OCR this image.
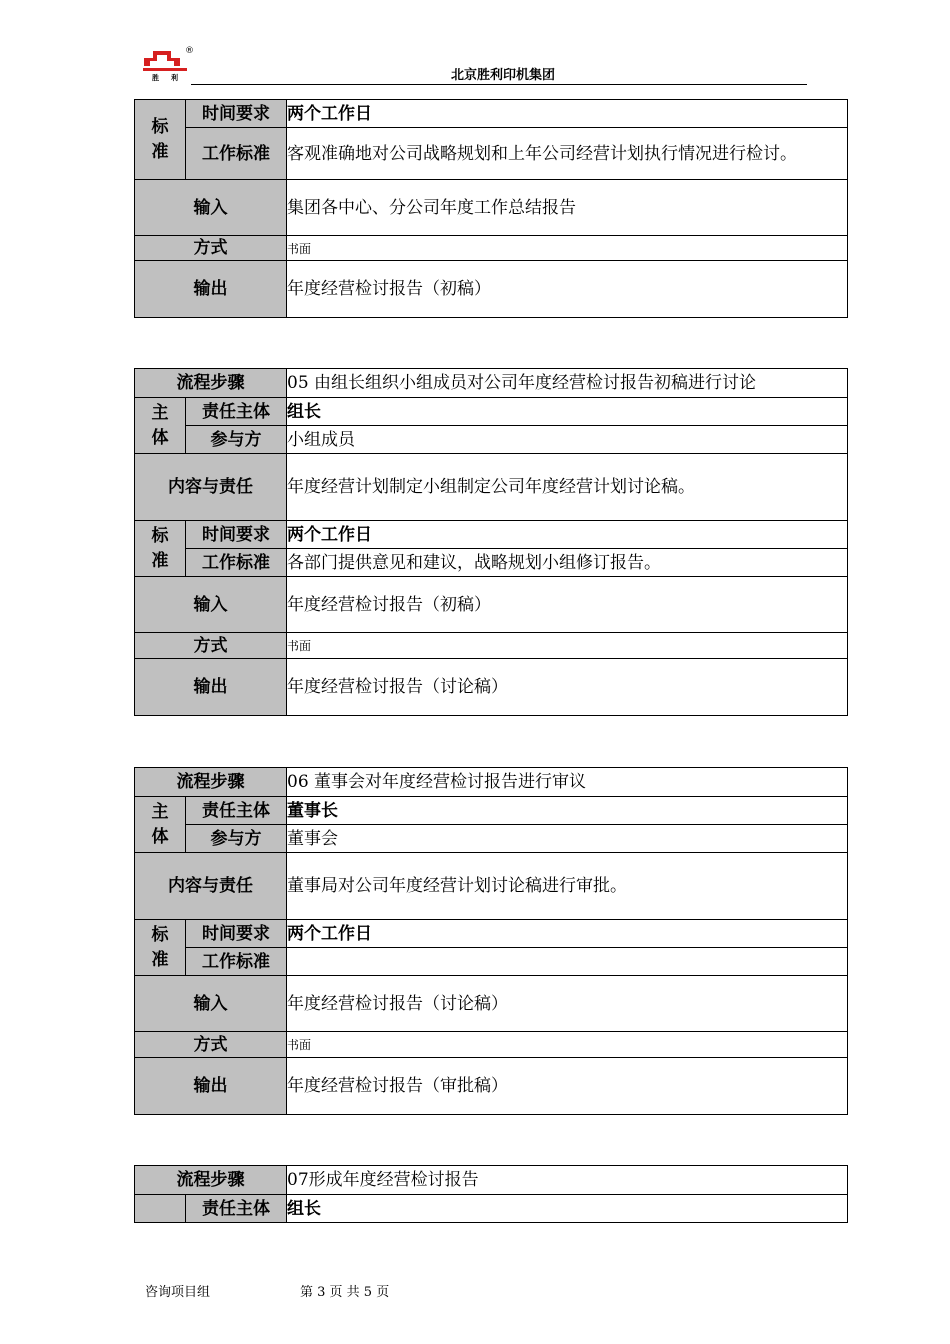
®
胜 利	北京胜利印机集团
标
准	时间要求	两个工作日
	工作标准	客观准确地对公司战略规划和上年公司经营计划执行情况进行检讨。
输入		集团各中心、分公司年度工作总结报告
方式		书面
输出		年度经营检讨报告（初稿）
流程步骤		05 由组长组织小组成员对公司年度经营检讨报告初稿进行讨论

主
体	责任主体	组长
	参与方	小组成员
内容与责任		年度经营计划制定小组制定公司年度经营计划讨论稿。

标
准	时间要求	两个工作日
	工作标准	各部门提供意见和建议，战略规划小组修订报告。
输入		年度经营检讨报告（初稿）
方式		书面
输出		年度经营检讨报告（讨论稿）
流程步骤		06 董事会对年度经营检讨报告进行审议

主
体	责任主体	董事长
	参与方	董事会
内容与责任		董事局对公司年度经营计划讨论稿进行审批。

标
准	时间要求	两个工作日
	工作标准	
输入		年度经营检讨报告（讨论稿）
方式		书面
输出		年度经营检讨报告（审批稿）
流程步骤		07形成年度经营检讨报告
	责任主体	组长
咨询项目组	第 3 页 共 5 页
